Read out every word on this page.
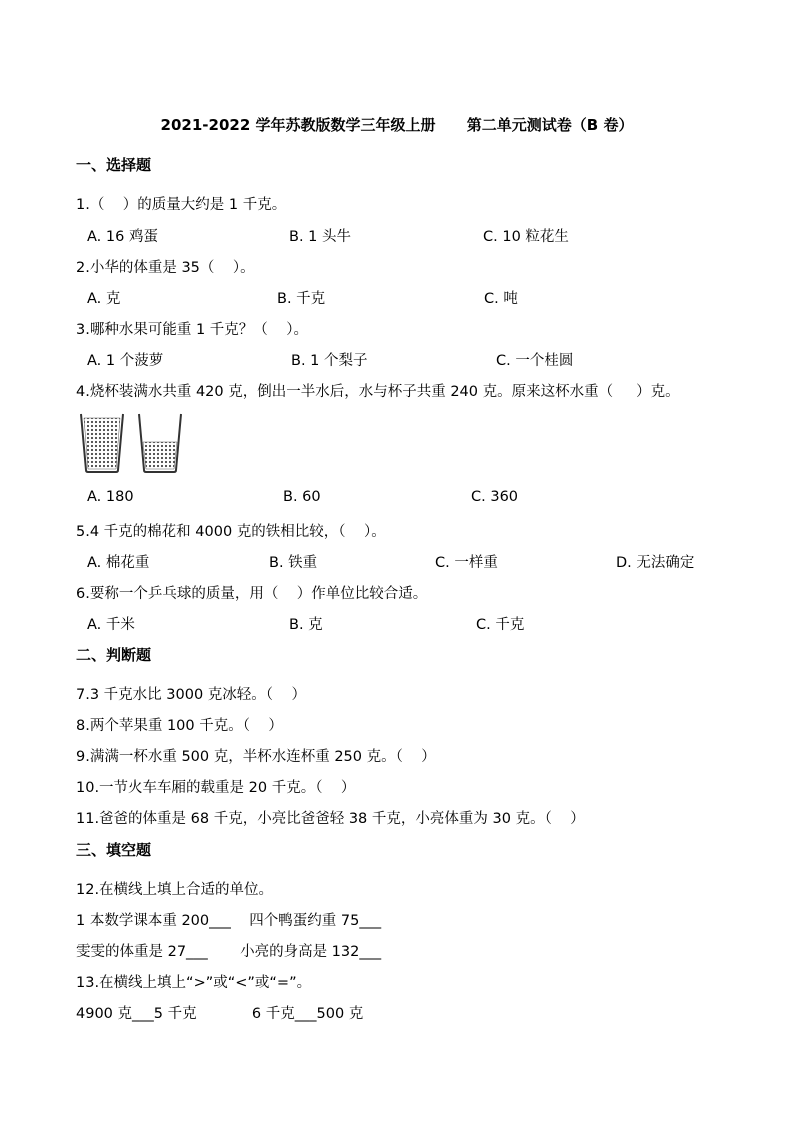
2021-2022 学年苏教版数学三年级上册      第二单元测试卷（B 卷）
一、选择题
1.（    ）的质量大约是 1 千克。
A. 16 鸡蛋	B. 1 头牛	C. 10 粒花生
2.小华的体重是 35（    ）。
A. 克	B. 千克	C. 吨
3.哪种水果可能重 1 千克？（    ）。
A. 1 个菠萝	B. 1 个梨子	C. 一个桂圆
4.烧杯装满水共重 420 克，倒出一半水后，水与杯子共重 240 克。原来这杯水重（     ）克。
A. 180	B. 60	C. 360
5.4 千克的棉花和 4000 克的铁相比较，（    ）。
A. 棉花重	B. 铁重	C. 一样重	D. 无法确定
6.要称一个乒乓球的质量，用（    ）作单位比较合适。
A. 千米	B. 克	C. 千克
二、判断题
7.3 千克水比 3000 克冰轻。（    ）
8.两个苹果重 100 千克。（    ）
9.满满一杯水重 500 克，半杯水连杯重 250 克。（    ）
10.一节火车车厢的载重是 20 千克。（    ）
11.爸爸的体重是 68 千克，小亮比爸爸轻 38 千克，小亮体重为 30 克。（    ）
三、填空题
12.在横线上填上合适的单位。
1 本数学课本重 200___    四个鸭蛋约重 75___
雯雯的体重是 27___       小亮的身高是 132___
13.在横线上填上“>”或“<”或“=”。
4900 克___5 千克            6 千克___500 克
